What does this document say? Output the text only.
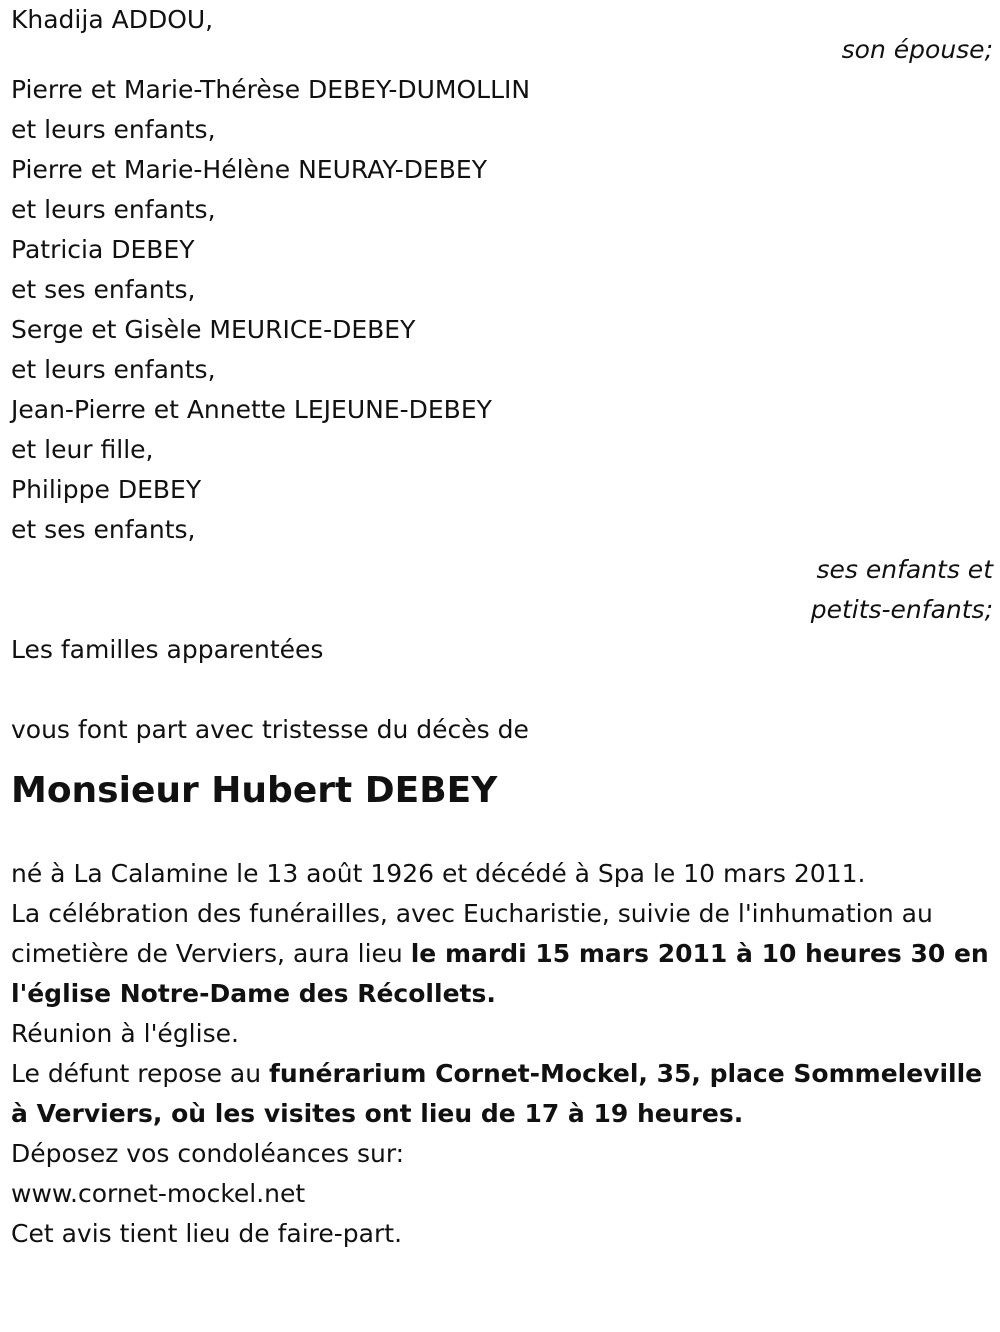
Khadija ADDOU,
son épouse;
Pierre et Marie-Thérèse DEBEY-DUMOLLIN
et leurs enfants,
Pierre et Marie-Hélène NEURAY-DEBEY
et leurs enfants,
Patricia DEBEY
et ses enfants,
Serge et Gisèle MEURICE-DEBEY
et leurs enfants,
Jean-Pierre et Annette LEJEUNE-DEBEY
et leur fille,
Philippe DEBEY
et ses enfants,
ses enfants et
petits-enfants;
Les familles apparentées
vous font part avec tristesse du décès de
Monsieur Hubert DEBEY
né à La Calamine le 13 août 1926 et décédé à Spa le 10 mars 2011.
La célébration des funérailles, avec Eucharistie, suivie de l'inhumation au cimetière de Verviers, aura lieu le mardi 15 mars 2011 à 10 heures 30 en l'église Notre-Dame des Récollets.
Réunion à l'église.
Le défunt repose au funérarium Cornet-Mockel, 35, place Sommeleville à Verviers, où les visites ont lieu de 17 à 19 heures.
Déposez vos condoléances sur:
www.cornet-mockel.net
Cet avis tient lieu de faire-part.
